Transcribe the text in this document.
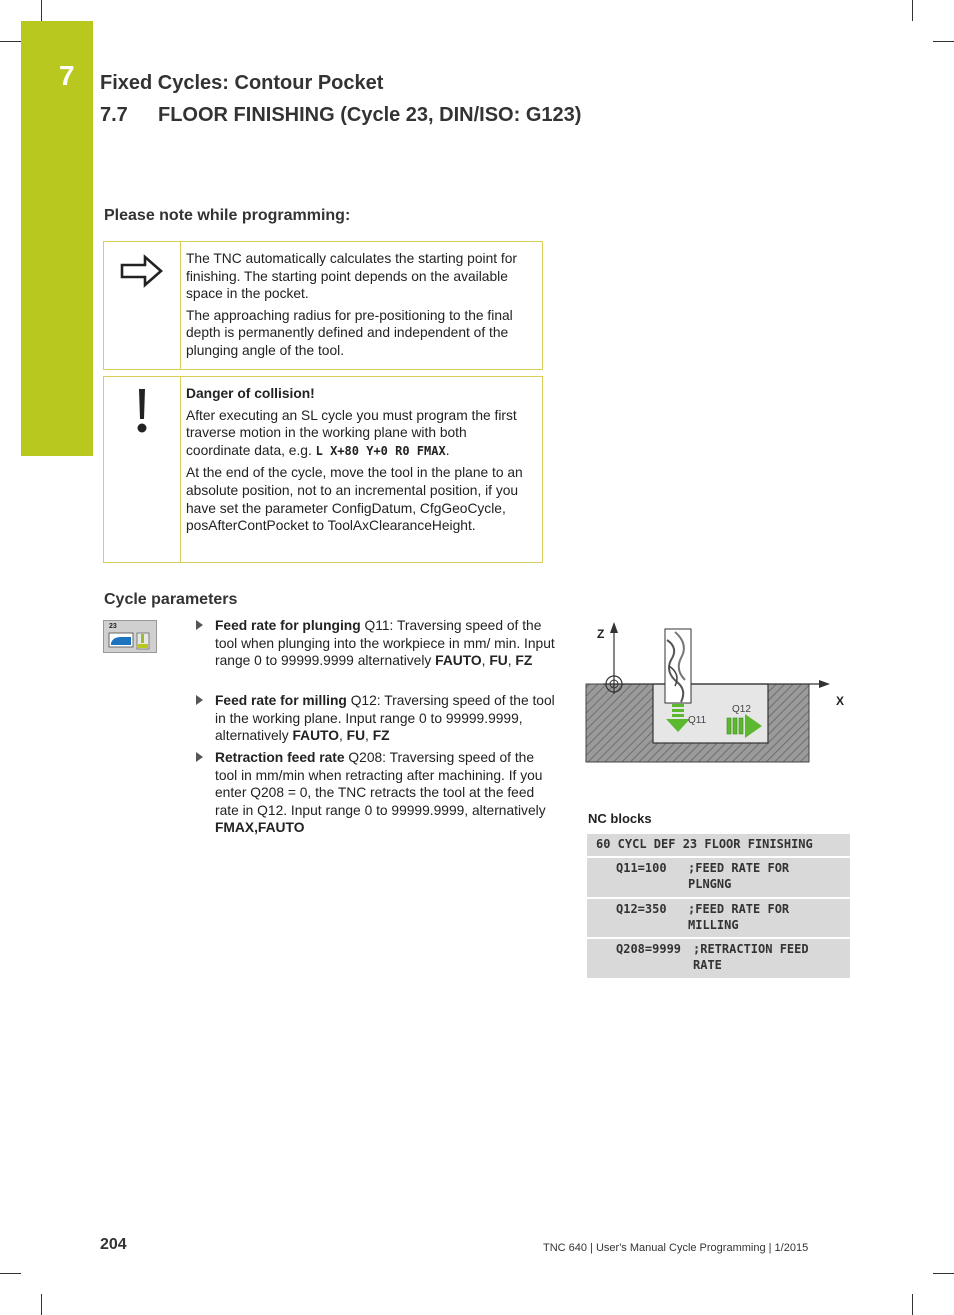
7 Fixed Cycles: Contour Pocket
7.7 FLOOR FINISHING (Cycle 23, DIN/ISO: G123)
Please note while programming:

The TNC automatically calculates the starting point for finishing. The starting point depends on the available space in the pocket.

The approaching radius for pre-positioning to the final depth is permanently defined and independent of the plunging angle of the tool.

Danger of collision!

After executing an SL cycle you must program the first traverse motion in the working plane with both coordinate data, e.g. L X+80 Y+0 R0 FMAX.

At the end of the cycle, move the tool in the plane to an absolute position, not to an incremental position, if you have set the parameter ConfigDatum, CfgGeoCycle, posAfterContPocket to ToolAxClearanceHeight.

Cycle parameters
23	Feed rate for plunging Q11: Traversing speed of the tool when plunging into the workpiece in mm/ min. Input range 0 to 99999.9999 alternatively FAUTO, FU, FZ
Feed rate for milling Q12: Traversing speed of the tool in the working plane. Input range 0 to 99999.9999, alternatively FAUTO, FU, FZ
Retraction feed rate Q208: Traversing speed of the tool in mm/min when retracting after machining. If you enter Q208 = 0, the TNC retracts the tool at the feed rate in Q12. Input range 0 to 99999.9999, alternatively FMAX,FAUTO
Z
X
Q11
Q12
NC blocks
60 CYCL DEF 23 FLOOR FINISHING
Q11=100 ;FEED RATE FOR PLNGNG
Q12=350 ;FEED RATE FOR MILLING
Q208=9999 ;RETRACTION FEED RATE
204	TNC 640 | User's Manual Cycle Programming | 1/2015
